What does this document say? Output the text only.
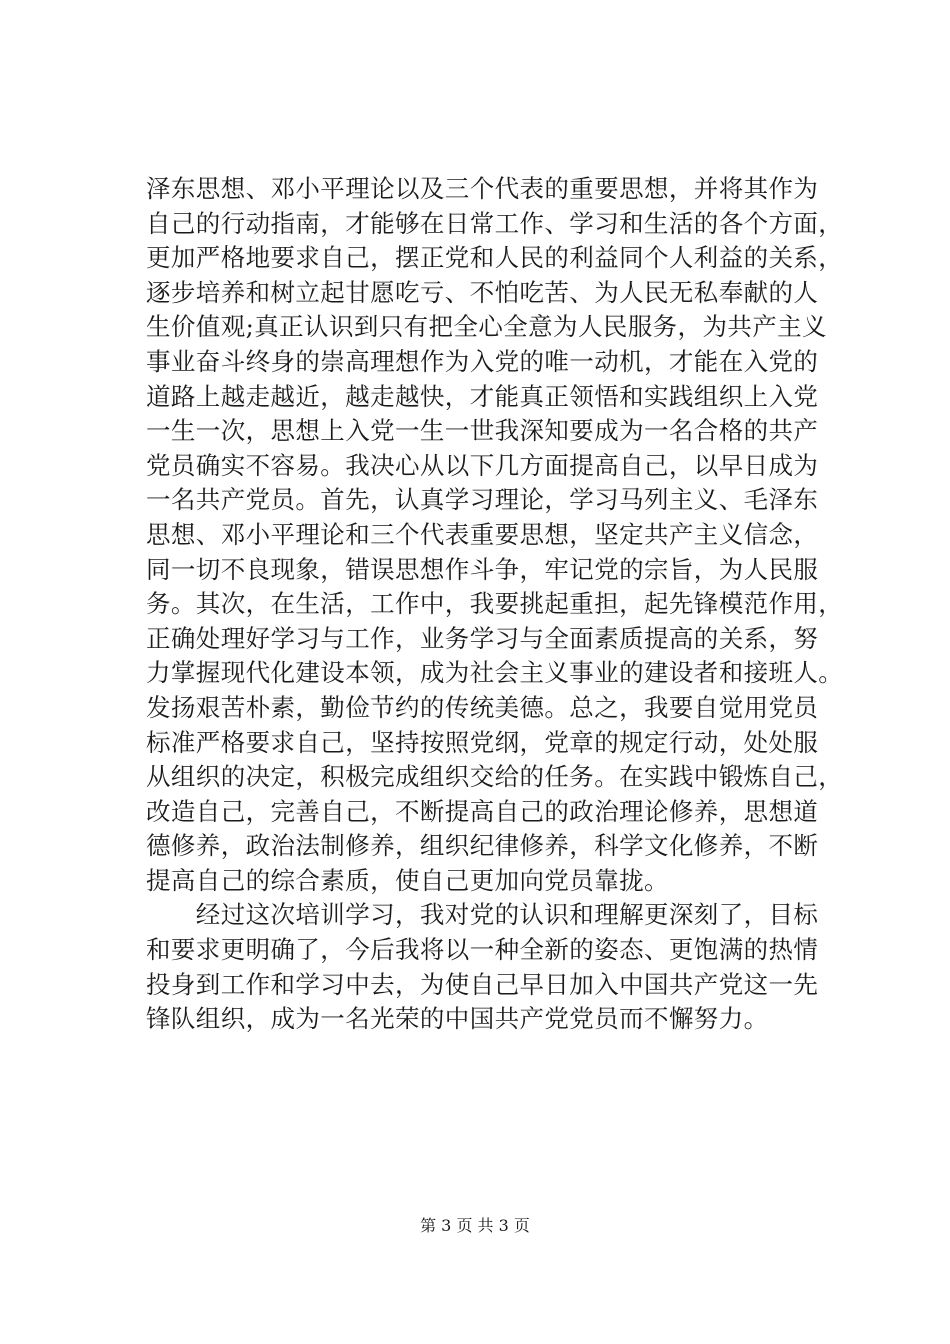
泽东思想、邓小平理论以及三个代表的重要思想，并将其作为
自己的行动指南，才能够在日常工作、学习和生活的各个方面，
更加严格地要求自己，摆正党和人民的利益同个人利益的关系，
逐步培养和树立起甘愿吃亏、不怕吃苦、为人民无私奉献的人
生价值观;真正认识到只有把全心全意为人民服务，为共产主义
事业奋斗终身的崇高理想作为入党的唯一动机，才能在入党的
道路上越走越近，越走越快，才能真正领悟和实践组织上入党
一生一次，思想上入党一生一世我深知要成为一名合格的共产
党员确实不容易。我决心从以下几方面提高自己，以早日成为
一名共产党员。首先，认真学习理论，学习马列主义、毛泽东
思想、邓小平理论和三个代表重要思想，坚定共产主义信念，
同一切不良现象，错误思想作斗争，牢记党的宗旨，为人民服
务。其次，在生活，工作中，我要挑起重担，起先锋模范作用，
正确处理好学习与工作，业务学习与全面素质提高的关系，努
力掌握现代化建设本领，成为社会主义事业的建设者和接班人。
发扬艰苦朴素，勤俭节约的传统美德。总之，我要自觉用党员
标准严格要求自己，坚持按照党纲，党章的规定行动，处处服
从组织的决定，积极完成组织交给的任务。在实践中锻炼自己，
改造自己，完善自己，不断提高自己的政治理论修养，思想道
德修养，政治法制修养，组织纪律修养，科学文化修养，不断
提高自己的综合素质，使自己更加向党员靠拢。
　　经过这次培训学习，我对党的认识和理解更深刻了，目标
和要求更明确了，今后我将以一种全新的姿态、更饱满的热情
投身到工作和学习中去，为使自己早日加入中国共产党这一先
锋队组织，成为一名光荣的中国共产党党员而不懈努力。
第 3 页 共 3 页
